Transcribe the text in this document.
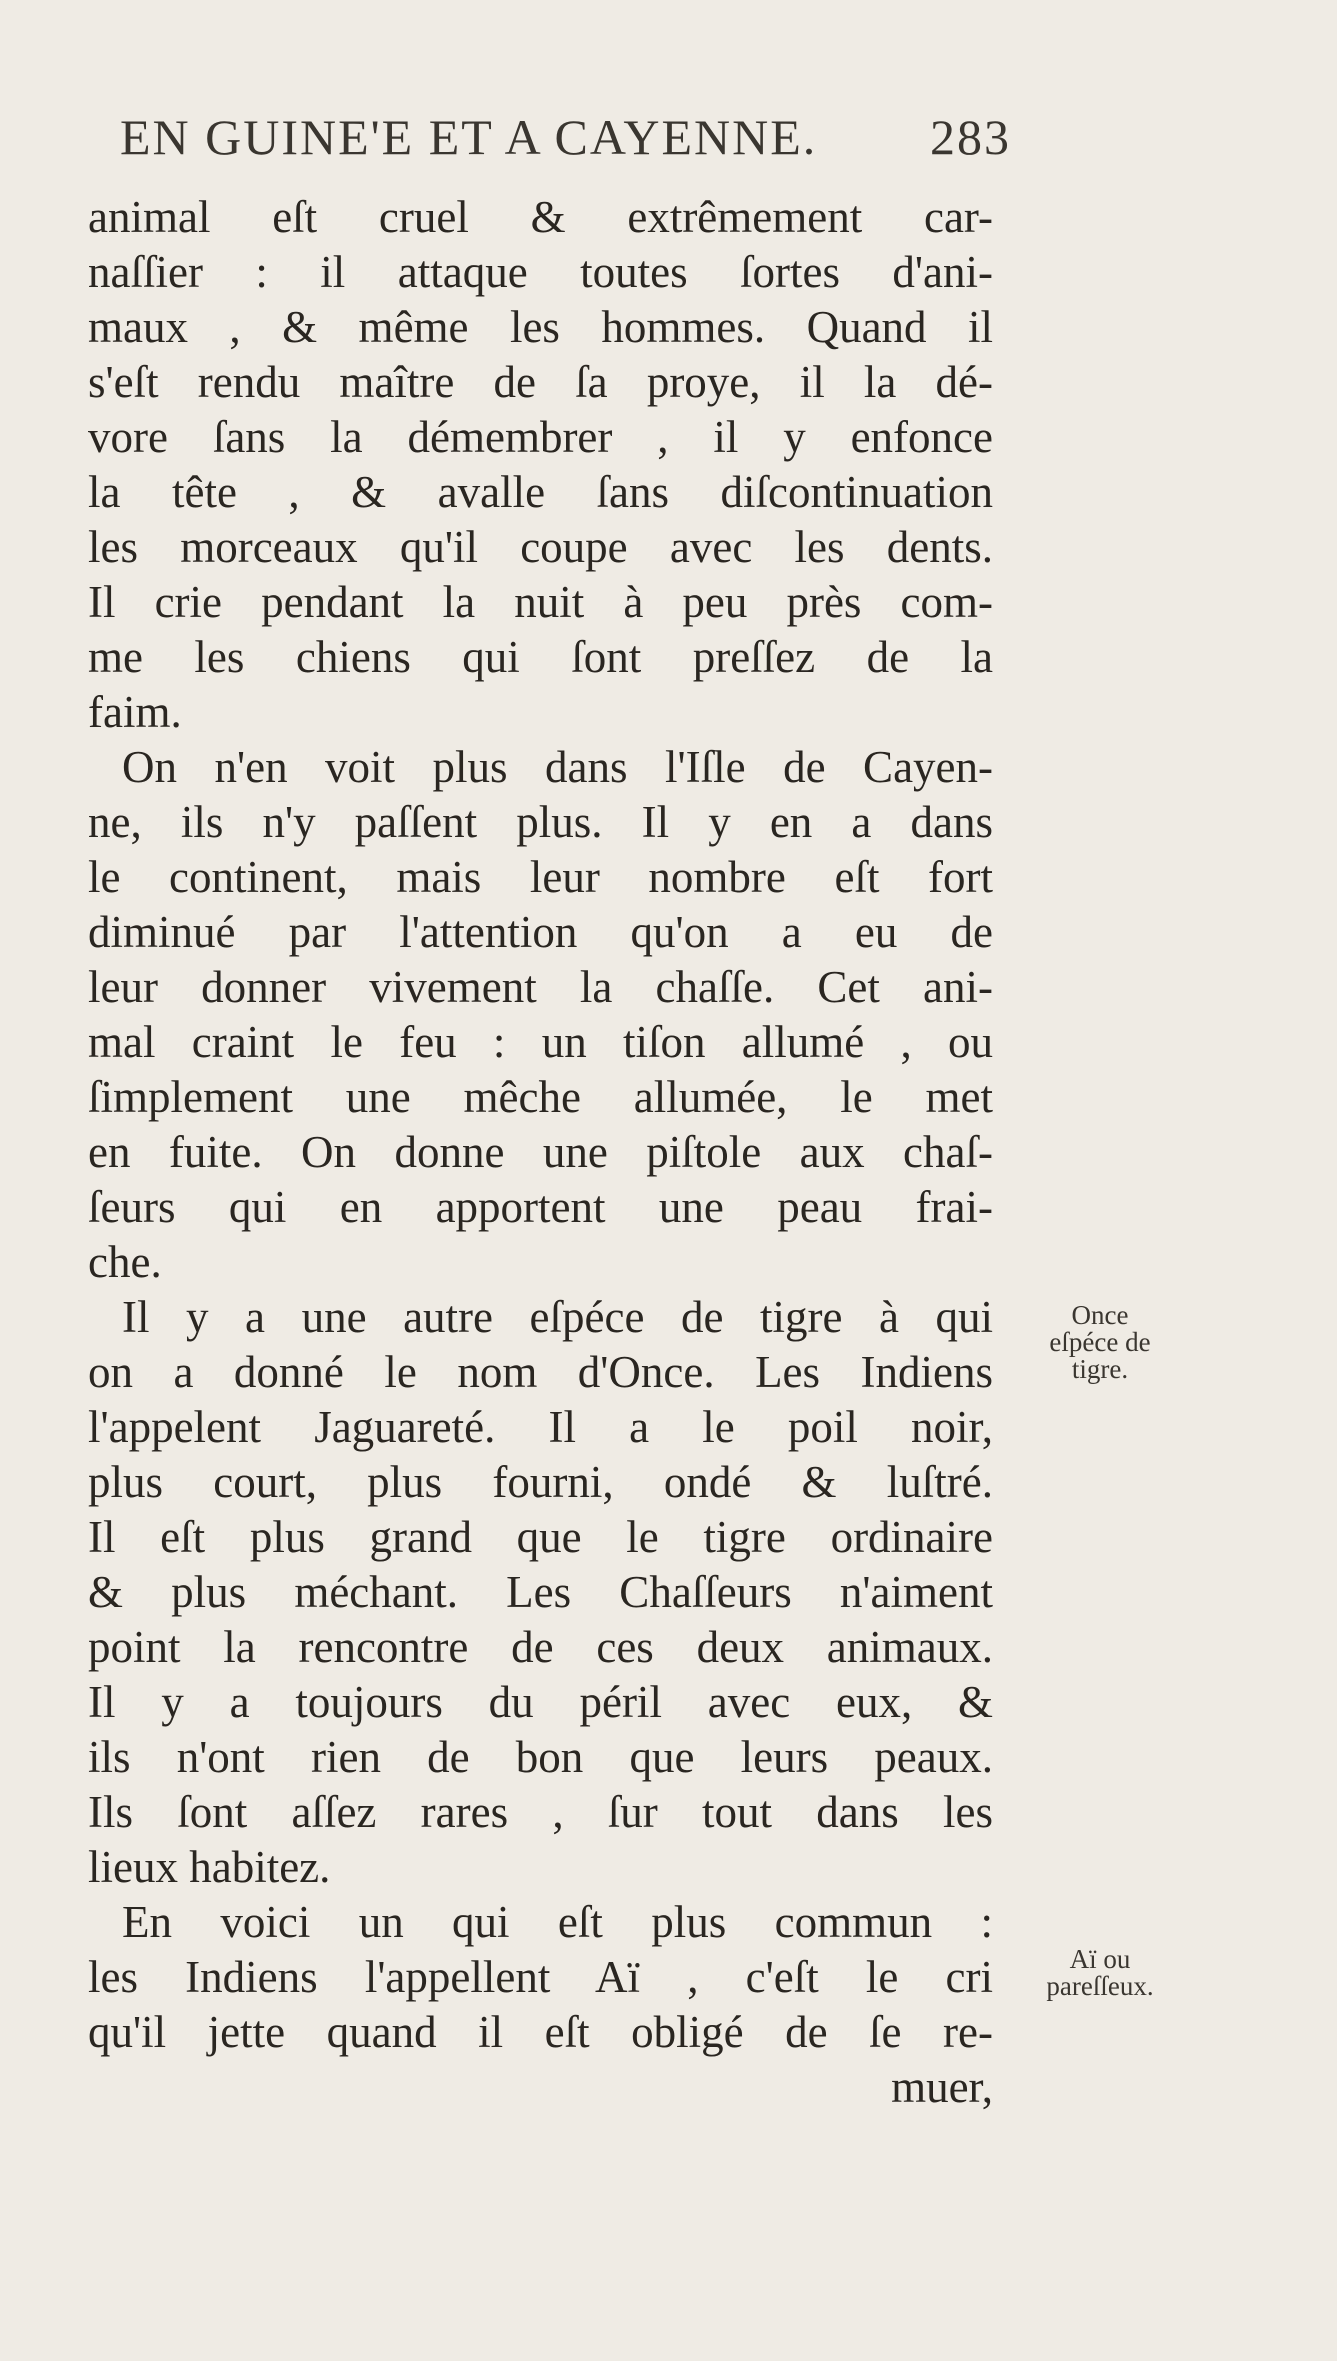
EN GUINE'E ET A CAYENNE. 283
animal eſt cruel & extrêmement car-
naſſier : il attaque toutes ſortes d'ani-
maux , & même les hommes. Quand il
s'eſt rendu maître de ſa proye, il la dé-
vore ſans la démembrer , il y enfonce
la tête , & avalle ſans diſcontinuation
les morceaux qu'il coupe avec les dents.
Il crie pendant la nuit à peu près com-
me les chiens qui ſont preſſez de la
faim.
On n'en voit plus dans l'Iſle de Cayen-
ne, ils n'y paſſent plus. Il y en a dans
le continent, mais leur nombre eſt fort
diminué par l'attention qu'on a eu de
leur donner vivement la chaſſe. Cet ani-
mal craint le feu : un tiſon allumé , ou
ſimplement une mêche allumée, le met
en fuite. On donne une piſtole aux chaſ-
ſeurs qui en apportent une peau frai-
che.
Il y a une autre eſpéce de tigre à qui
on a donné le nom d'Once. Les Indiens
l'appelent Jaguareté. Il a le poil noir,
plus court, plus fourni, ondé & luſtré.
Il eſt plus grand que le tigre ordinaire
& plus méchant. Les Chaſſeurs n'aiment
point la rencontre de ces deux animaux.
Il y a toujours du péril avec eux, &
ils n'ont rien de bon que leurs peaux.
Ils ſont aſſez rares , ſur tout dans les
lieux habitez.
En voici un qui eſt plus commun :
les Indiens l'appellent Aï , c'eſt le cri
qu'il jette quand il eſt obligé de ſe re-
muer,
Once
eſpéce de
tigre.
Aï ou
pareſſeux.
